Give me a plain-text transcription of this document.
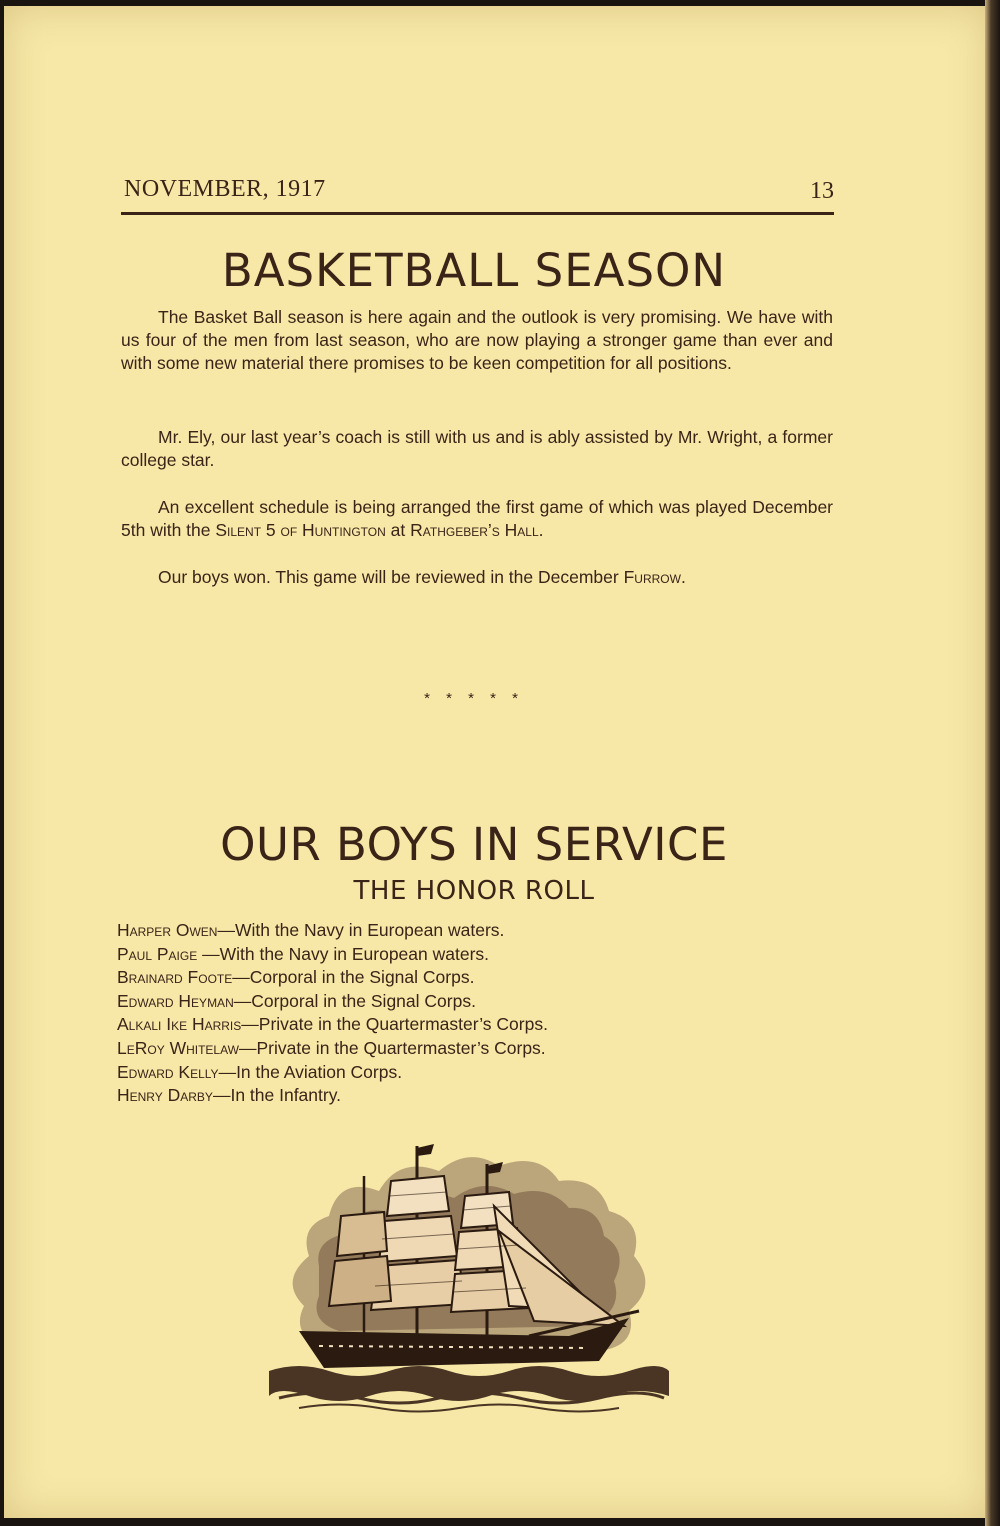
NOVEMBER, 1917	13
BASKETBALL SEASON

The Basket Ball season is here again and the outlook is very promising. We have with us four of the men from last season, who are now playing a stronger game than ever and with some new material there promises to be keen competition for all positions.

Mr. Ely, our last year’s coach is still with us and is ably assisted by Mr. Wright, a former college star.

An excellent schedule is being arranged the first game of which was played December 5th with the Silent 5 of Huntington at Rathgeber’s Hall.

Our boys won. This game will be reviewed in the December Furrow.

* * * * *
OUR BOYS IN SERVICE
THE HONOR ROLL
Harper Owen—With the Navy in European waters.
Paul Paige —With the Navy in European waters.
Brainard Foote—Corporal in the Signal Corps.
Edward Heyman—Corporal in the Signal Corps.
Alkali Ike Harris—Private in the Quartermaster’s Corps.
LeRoy Whitelaw—Private in the Quartermaster’s Corps.
Edward Kelly—In the Aviation Corps.
Henry Darby—In the Infantry.
